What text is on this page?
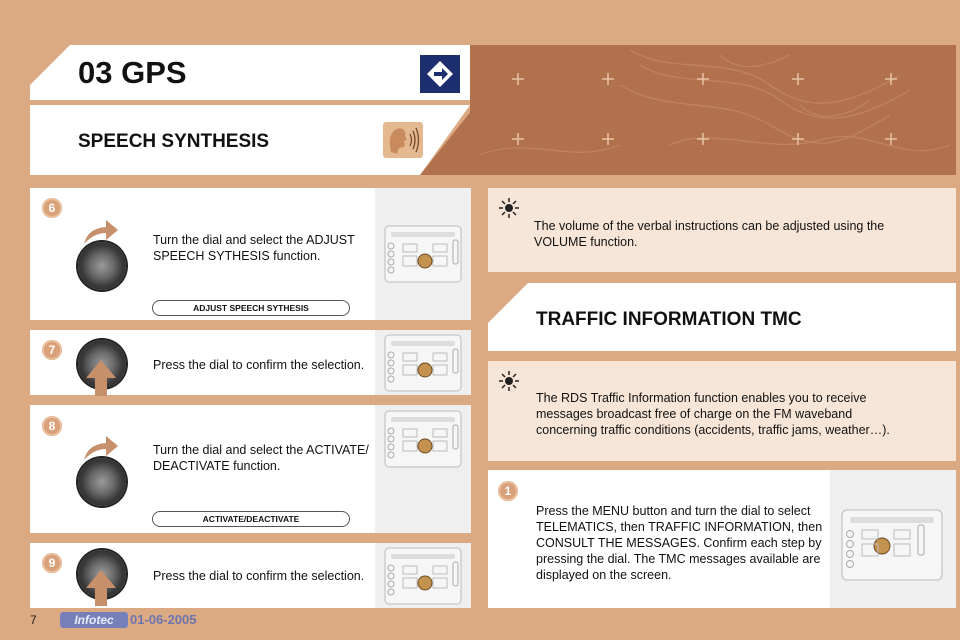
03 GPS
SPEECH SYNTHESIS
6
Turn the dial and select the ADJUST SPEECH SYTHESIS function.
ADJUST SPEECH SYTHESIS
7
Press the dial to confirm the selection.
8
Turn the dial and select the ACTIVATE/ DEACTIVATE function.
ACTIVATE/DEACTIVATE
9
Press the dial to confirm the selection.
The volume of the verbal instructions can be adjusted using the VOLUME function.
TRAFFIC INFORMATION TMC
The RDS Traffic Information function enables you to receive messages broadcast free of charge on the FM waveband concerning traffic conditions (accidents, traffic jams, weather…).
1
Press the MENU button and turn the dial to select TELEMATICS, then TRAFFIC INFORMATION, then CONSULT THE MESSAGES. Confirm each step by pressing the dial. The TMC messages available are displayed on the screen.
7	Infotec	01-06-2005
